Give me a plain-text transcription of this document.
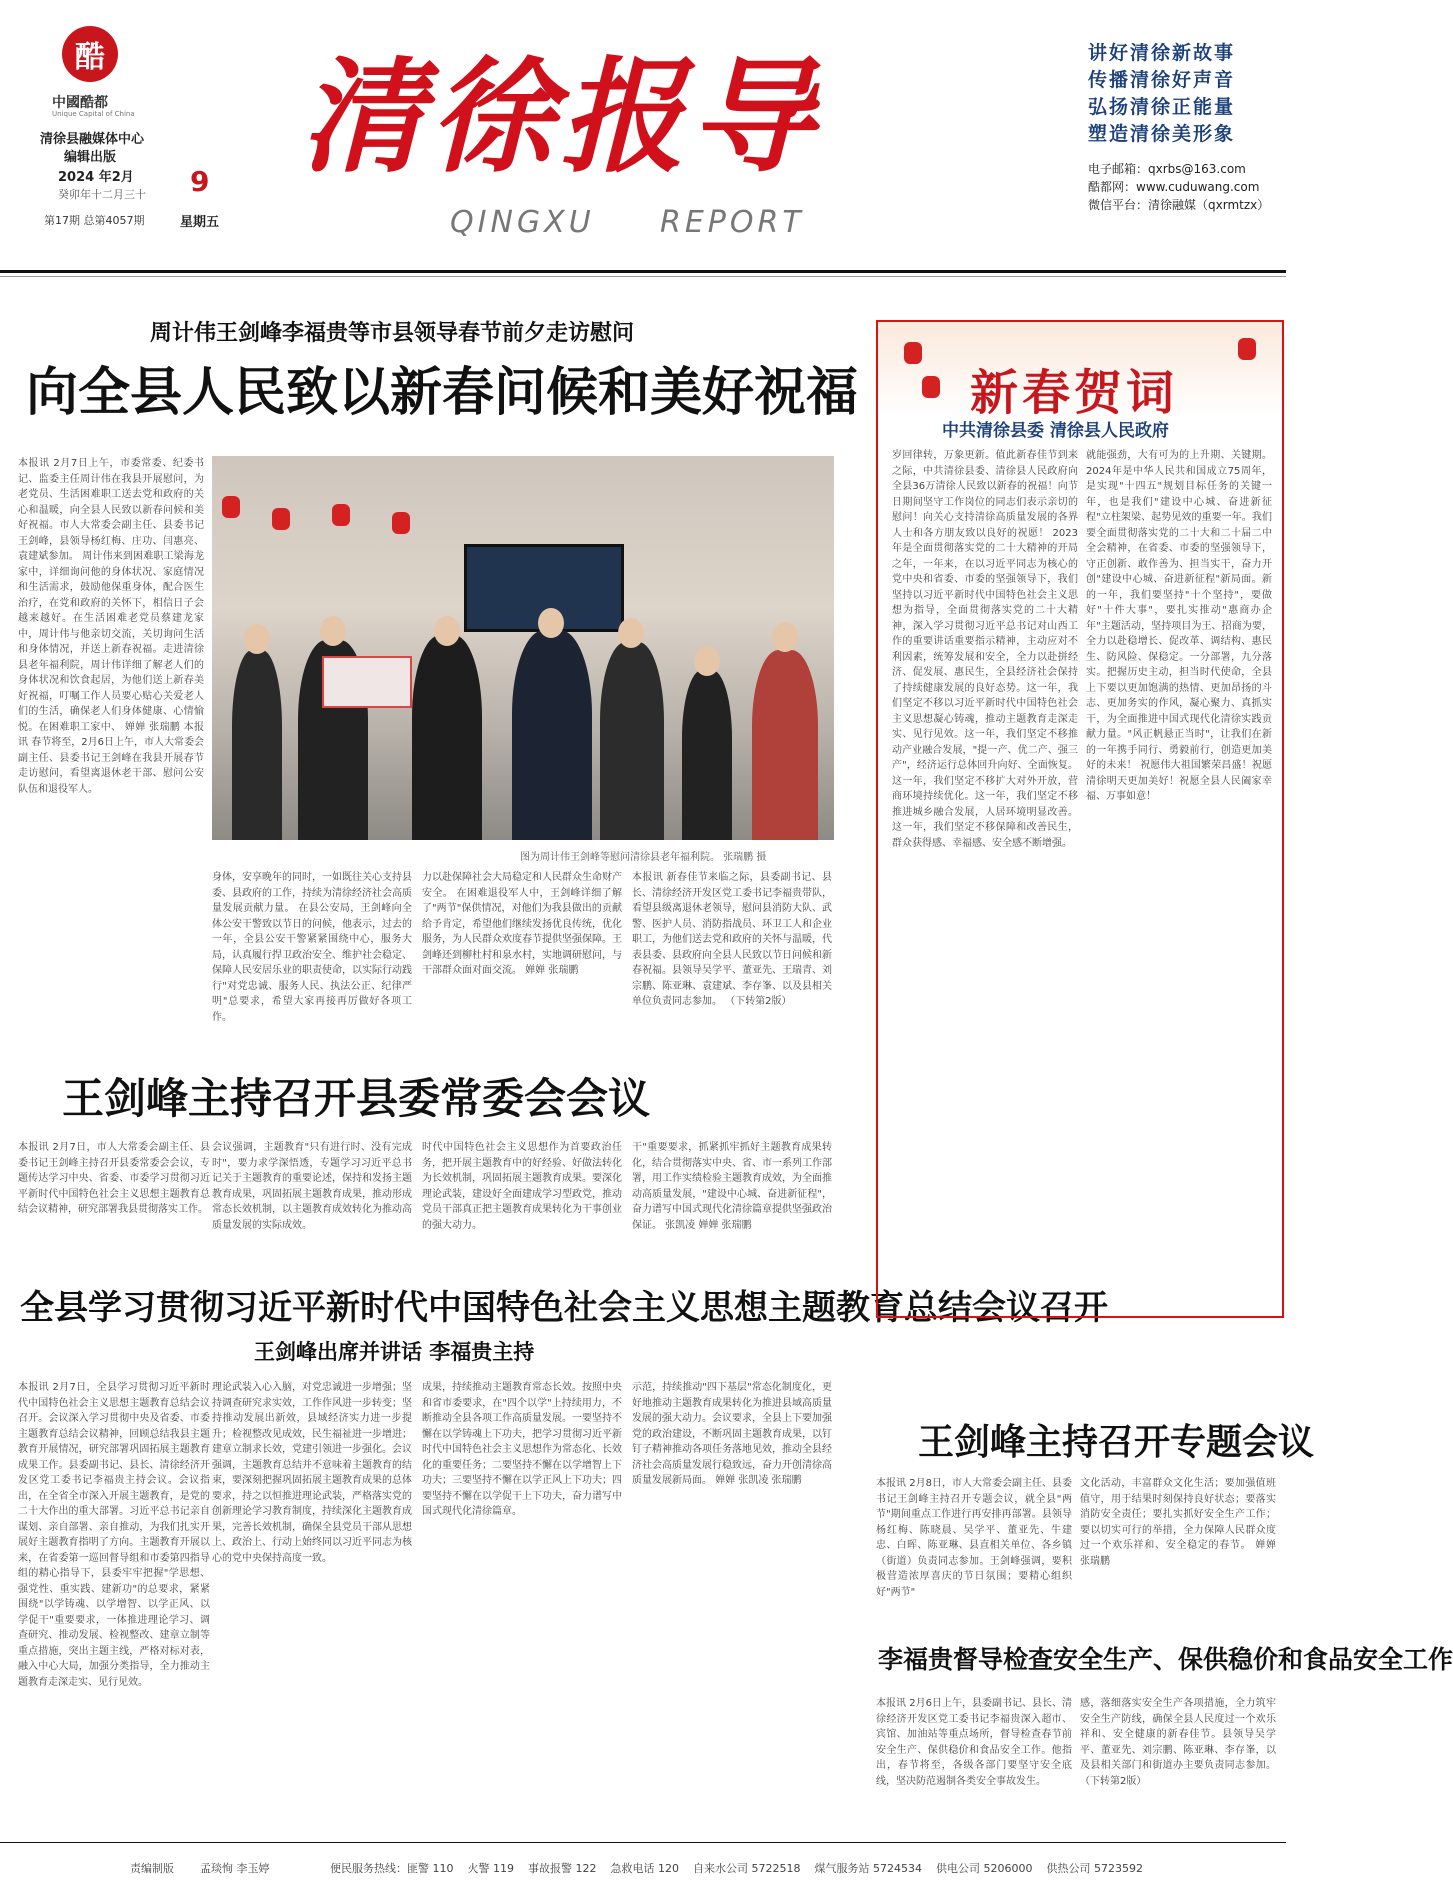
酷
中國酷都
Unique Capital of China
清徐县融媒体中心
编辑出版
2024 年2月 9
癸卯年十二月三十
第17期 总第4057期	星期五
清徐报导
QINGXU REPORT
讲好清徐新故事
传播清徐好声音
弘扬清徐正能量
塑造清徐美形象
电子邮箱：qxrbs@163.com
酷都网：www.cuduwang.com
微信平台：清徐融媒（qxrmtzx）
周计伟王剑峰李福贵等市县领导春节前夕走访慰问
向全县人民致以新春问候和美好祝福
本报讯 2月7日上午，市委常委、纪委书记、监委主任周计伟在我县开展慰问，为老党员、生活困难职工送去党和政府的关心和温暖，向全县人民致以新春问候和美好祝福。市人大常委会副主任、县委书记王剑峰，县领导杨红梅、庄功、闫惠亮、袁建斌参加。 周计伟来到困难职工梁海龙家中，详细询问他的身体状况、家庭情况和生活需求，鼓励他保重身体，配合医生治疗，在党和政府的关怀下，相信日子会越来越好。在生活困难老党员蔡建龙家中，周计伟与他亲切交流，关切询问生活和身体情况，并送上新春祝福。走进清徐县老年福利院，周计伟详细了解老人们的身体状况和饮食起居，为他们送上新春美好祝福，叮嘱工作人员要心贴心关爱老人们的生活，确保老人们身体健康、心情愉悦。在困难职工家中、 婵婵 张瑞鹏 本报讯 春节将至，2月6日上午，市人大常委会副主任、县委书记王剑峰在我县开展春节走访慰问，看望离退休老干部、慰问公安队伍和退役军人。
图为周计伟王剑峰等慰问清徐县老年福利院。 张瑞鹏 摄
身体，安享晚年的同时，一如既往关心支持县委、县政府的工作，持续为清徐经济社会高质量发展贡献力量。 在县公安局，王剑峰向全体公安干警致以节日的问候，他表示，过去的一年，全县公安干警紧紧围绕中心，服务大局，认真履行捍卫政治安全、维护社会稳定、保障人民安居乐业的职责使命，以实际行动践行"对党忠诚、服务人民、执法公正、纪律严明"总要求，希望大家再接再厉做好各项工作。
力以赴保障社会大局稳定和人民群众生命财产安全。 在困难退役军人中，王剑峰详细了解了"两节"保供情况，对他们为我县做出的贡献给予肯定，希望他们继续发扬优良传统，优化服务，为人民群众欢度春节提供坚强保障。王剑峰还到柳杜村和泉水村，实地调研慰问，与干部群众面对面交流。 婵婵 张瑞鹏
本报讯 新春佳节来临之际，县委副书记、县长、清徐经济开发区党工委书记李福贵带队，看望县级离退休老领导，慰问县消防大队、武警、医护人员、消防指战员、环卫工人和企业职工，为他们送去党和政府的关怀与温暖，代表县委、县政府向全县人民致以节日问候和新春祝福。县领导吴学平、董亚先、王瑞青、刘宗鹏、陈亚琳、袁建斌、李存峯、以及县相关单位负责同志参加。 （下转第2版）
王剑峰主持召开县委常委会会议
本报讯 2月7日，市人大常委会副主任、县委书记王剑峰主持召开县委常委会会议，专题传达学习中央、省委、市委学习贯彻习近平新时代中国特色社会主义思想主题教育总结会议精神，研究部署我县贯彻落实工作。
会议强调，主题教育"只有进行时、没有完成时"，要力求学深悟透，专题学习习近平总书记关于主题教育的重要论述，保持和发扬主题教育成果，巩固拓展主题教育成果，推动形成常态长效机制，以主题教育成效转化为推动高质量发展的实际成效。
时代中国特色社会主义思想作为首要政治任务，把开展主题教育中的好经验、好做法转化为长效机制，巩固拓展主题教育成果。要深化理论武装，建设好全面建成学习型政党，推动党员干部真正把主题教育成果转化为干事创业的强大动力。
干"重要要求，抓紧抓牢抓好主题教育成果转化，结合贯彻落实中央、省、市一系列工作部署，用工作实绩检验主题教育成效，为全面推动高质量发展，"建设中心城、奋进新征程"，奋力谱写中国式现代化清徐篇章提供坚强政治保证。 张凯凌 婵婵 张瑞鹏
全县学习贯彻习近平新时代中国特色社会主义思想主题教育总结会议召开
王剑峰出席并讲话 李福贵主持
本报讯 2月7日，全县学习贯彻习近平新时代中国特色社会主义思想主题教育总结会议召开。会议深入学习贯彻中央及省委、市委主题教育总结会议精神，回顾总结我县主题教育开展情况，研究部署巩固拓展主题教育成果工作。县委副书记、县长、清徐经济开发区党工委书记李福贵主持会议。会议指出，在全省全市深入开展主题教育，是党的二十大作出的重大部署。习近平总书记亲自谋划、亲自部署、亲自推动，为我们扎实开展好主题教育指明了方向。主题教育开展以来，在省委第一巡回督导组和市委第四指导组的精心指导下，县委牢牢把握"学思想、强党性、重实践、建新功"的总要求，紧紧围绕"以学铸魂、以学增智、以学正风、以学促干"重要要求，一体推进理论学习、调查研究、推动发展、检视整改、建章立制等重点措施，突出主题主线，严格对标对表，融入中心大局，加强分类指导，全力推动主题教育走深走实、见行见效。
理论武装入心入脑，对党忠诚进一步增强；坚持调查研究求实效，工作作风进一步转变；坚持推动发展出新效，县域经济实力进一步提升；检视整改见成效，民生福祉进一步增进；建章立制求长效，党建引领进一步强化。会议强调，主题教育总结并不意味着主题教育的结束，要深刻把握巩固拓展主题教育成果的总体要求，持之以恒推进理论武装，严格落实党的创新理论学习教育制度，持续深化主题教育成果，完善长效机制，确保全县党员干部从思想上、政治上、行动上始终同以习近平同志为核心的党中央保持高度一致。
成果，持续推动主题教育常态长效。按照中央和省市委要求，在"四个以学"上持续用力，不断推动全县各项工作高质量发展。一要坚持不懈在以学铸魂上下功夫，把学习贯彻习近平新时代中国特色社会主义思想作为常态化、长效化的重要任务；二要坚持不懈在以学增智上下功夫；三要坚持不懈在以学正风上下功夫；四要坚持不懈在以学促干上下功夫，奋力谱写中国式现代化清徐篇章。
示范，持续推动"四下基层"常态化制度化，更好地推动主题教育成果转化为推进县域高质量发展的强大动力。会议要求，全县上下要加强党的政治建设，不断巩固主题教育成果，以钉钉子精神推动各项任务落地见效，推动全县经济社会高质量发展行稳致远，奋力开创清徐高质量发展新局面。 婵婵 张凯凌 张瑞鹏
新春贺词
中共清徐县委 清徐县人民政府
岁回律转，万象更新。值此新春佳节到来之际，中共清徐县委、清徐县人民政府向全县36万清徐人民致以新春的祝福！向节日期间坚守工作岗位的同志们表示亲切的慰问！向关心支持清徐高质量发展的各界人士和各方朋友致以良好的祝愿！ 2023年是全面贯彻落实党的二十大精神的开局之年，一年来，在以习近平同志为核心的党中央和省委、市委的坚强领导下，我们坚持以习近平新时代中国特色社会主义思想为指导，全面贯彻落实党的二十大精神，深入学习贯彻习近平总书记对山西工作的重要讲话重要指示精神，主动应对不利因素，统筹发展和安全，全力以赴拼经济、促发展、惠民生，全县经济社会保持了持续健康发展的良好态势。这一年，我们坚定不移以习近平新时代中国特色社会主义思想凝心铸魂，推动主题教育走深走实、见行见效。这一年，我们坚定不移推动产业融合发展，"提一产、优二产、强三产"，经济运行总体回升向好、全面恢复。这一年，我们坚定不移扩大对外开放，营商环境持续优化。这一年，我们坚定不移推进城乡融合发展，人居环境明显改善。这一年，我们坚定不移保障和改善民生，群众获得感、幸福感、安全感不断增强。
就能强劲，大有可为的上升期、关键期。2024年是中华人民共和国成立75周年，是实现"十四五"规划目标任务的关键一年，也是我们"建设中心城、奋进新征程"立柱架梁、起势见效的重要一年。我们要全面贯彻落实党的二十大和二十届二中全会精神，在省委、市委的坚强领导下，守正创新、敢作善为、担当实干，奋力开创"建设中心城、奋进新征程"新局面。新的一年，我们要坚持"十个坚持"，要做好"十件大事"，要扎实推动"惠商办企年"主题活动，坚持项目为王、招商为要，全力以赴稳增长、促改革、调结构、惠民生、防风险、保稳定。一分部署，九分落实。把握历史主动，担当时代使命，全县上下要以更加饱满的热情、更加昂扬的斗志、更加务实的作风，凝心聚力、真抓实干，为全面推进中国式现代化清徐实践贡献力量。"风正帆悬正当时"，让我们在新的一年携手同行、勇毅前行，创造更加美好的未来！ 祝愿伟大祖国繁荣昌盛！祝愿清徐明天更加美好！祝愿全县人民阖家幸福、万事如意！
王剑峰主持召开专题会议
本报讯 2月8日，市人大常委会副主任、县委书记王剑峰主持召开专题会议，就全县"两节"期间重点工作进行再安排再部署。县领导杨红梅、陈晓晨、吴学平、董亚先、牛建忠、白晖、陈亚琳、县直相关单位、各乡镇（街道）负责同志参加。王剑峰强调，要积极营造浓厚喜庆的节日氛围；要精心组织好"两节"
文化活动，丰富群众文化生活；要加强值班值守，用于结果时刻保持良好状态；要落实消防安全责任；要扎实抓好安全生产工作；要以切实可行的举措，全力保障人民群众度过一个欢乐祥和、安全稳定的春节。 婵婵 张瑞鹏
李福贵督导检查安全生产、保供稳价和食品安全工作
本报讯 2月6日上午，县委副书记、县长、清徐经济开发区党工委书记李福贵深入超市、宾馆、加油站等重点场所，督导检查春节前安全生产、保供稳价和食品安全工作。他指出，春节将至，各级各部门要坚守安全底线，坚决防范遏制各类安全事故发生。
感，落细落实安全生产各项措施，全力筑牢安全生产防线，确保全县人民度过一个欢乐祥和、安全健康的新春佳节。县领导吴学平、董亚先、刘宗鹏、陈亚琳、李存峯，以及县相关部门和街道办主要负责同志参加。 （下转第2版）
责编制版 孟琰恂 李玉婷	便民服务热线：匪警 110 火警 119 事故报警 122 急救电话 120 自来水公司 5722518 煤气服务站 5724534 供电公司 5206000 供热公司 5723592
